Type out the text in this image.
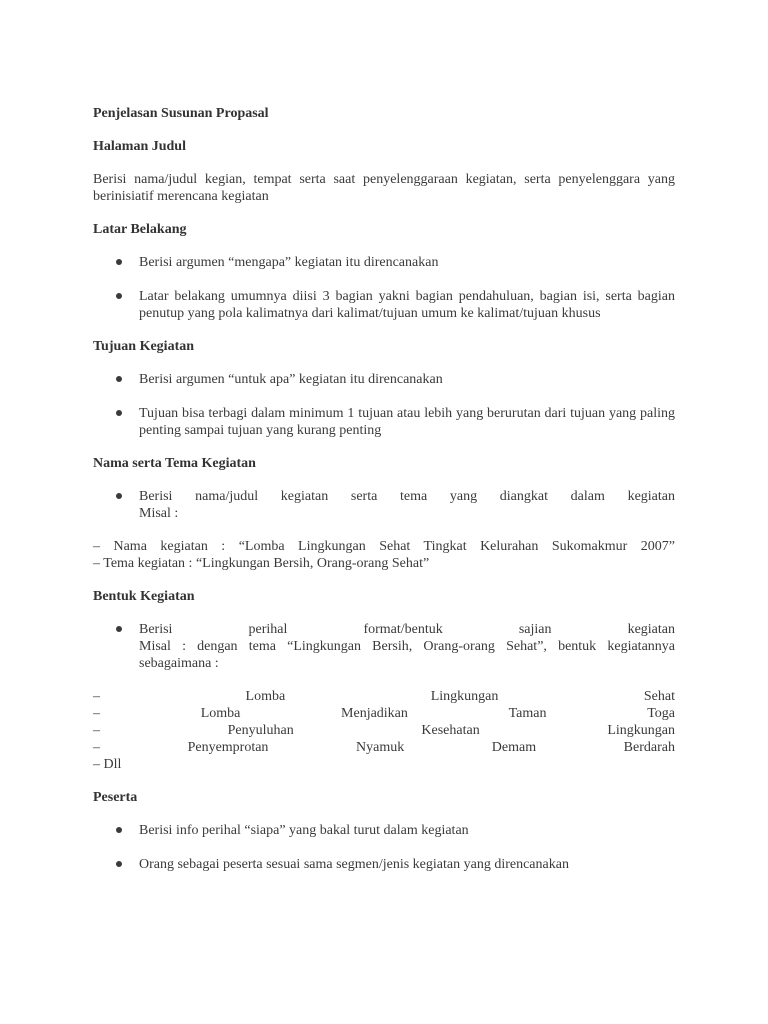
Penjelasan Susunan Propasal
Halaman Judul
Berisi nama/judul kegian, tempat serta saat penyelenggaraan kegiatan, serta penyelenggara yang berinisiatif merencana kegiatan
Latar Belakang
Berisi argumen “mengapa” kegiatan itu direncanakan
Latar belakang umumnya diisi 3 bagian yakni bagian pendahuluan, bagian isi, serta bagian penutup yang pola kalimatnya dari kalimat/tujuan umum ke kalimat/tujuan khusus
Tujuan Kegiatan
Berisi argumen “untuk apa” kegiatan itu direncanakan
Tujuan bisa terbagi dalam minimum 1 tujuan atau lebih yang berurutan dari tujuan yang paling penting sampai tujuan yang kurang penting
Nama serta Tema Kegiatan
Berisi nama/judul kegiatan serta tema yang diangkat dalam kegiatan
Misal :
– Nama kegiatan : “Lomba Lingkungan Sehat Tingkat Kelurahan Sukomakmur 2007”
– Tema kegiatan : “Lingkungan Bersih, Orang-orang Sehat”
Bentuk Kegiatan
Berisi perihal format/bentuk sajian kegiatan
Misal : dengan tema “Lingkungan Bersih, Orang-orang Sehat”, bentuk kegiatannya
sebagaimana :
–	Lomba	Lingkungan	Sehat
–	Lomba	Menjadikan	Taman	Toga
–	Penyuluhan	Kesehatan	Lingkungan
–	Penyemprotan	Nyamuk	Demam	Berdarah
– Dll
Peserta
Berisi info perihal “siapa” yang bakal turut dalam kegiatan
Orang sebagai peserta sesuai sama segmen/jenis kegiatan yang direncanakan
